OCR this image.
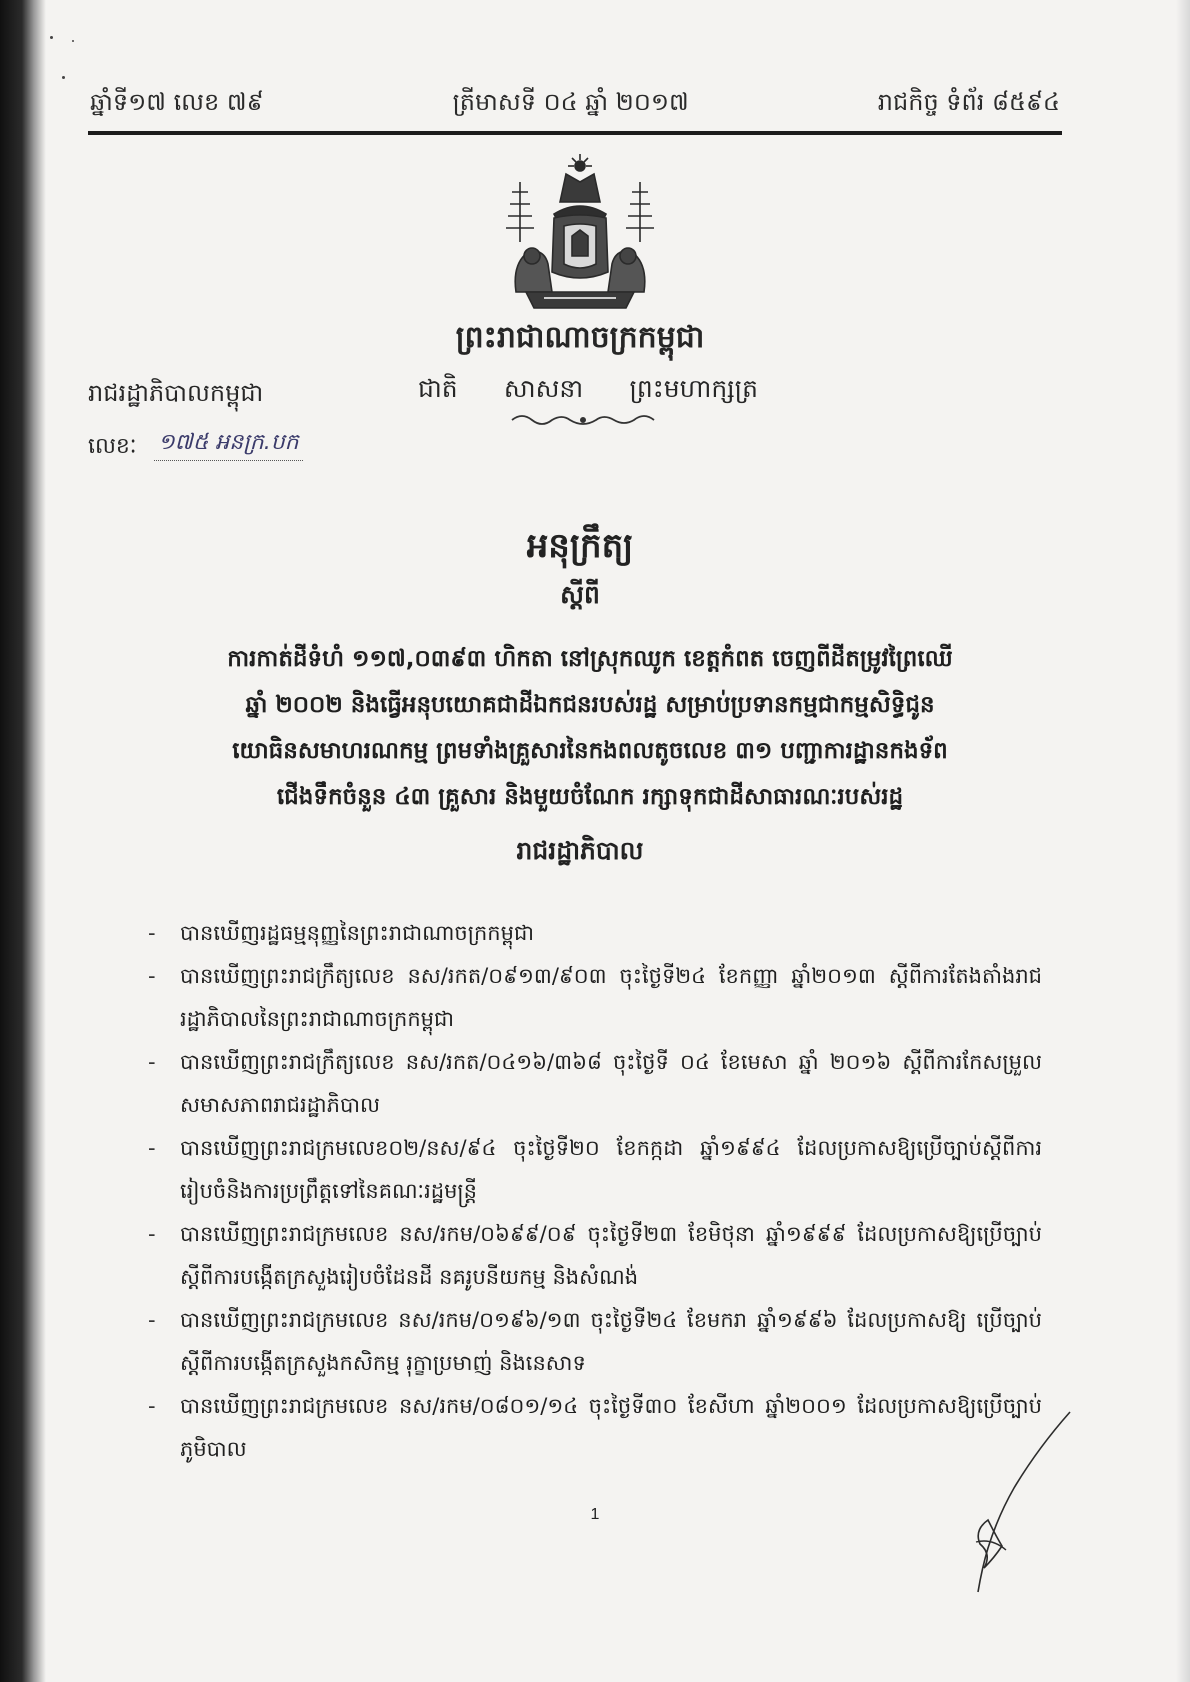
ឆ្នាំទី១៧ លេខ ៧៩	ត្រីមាសទី ០៤ ឆ្នាំ ២០១៧	រាជកិច្ច ទំព័រ ៨៥៩៤
ព្រះរាជាណាចក្រកម្ពុជា
ជាតិ សាសនា ព្រះមហាក្សត្រ
រាជរដ្ឋាភិបាលកម្ពុជា
លេខៈ ១៧៥ អនក្រ.បក
អនុក្រឹត្យ
ស្ដីពី
ការកាត់ដីទំហំ ១១៧,០៣៩៣ ហិកតា នៅស្រុកឈូក ខេត្តកំពត ចេញពីដីតម្រូវព្រៃឈើ
ឆ្នាំ ២០០២ និងធ្វើអនុបយោគជាដីឯកជនរបស់រដ្ឋ សម្រាប់ប្រទានកម្មជាកម្មសិទ្ធិជូន
យោធិនសមាហរណកម្ម ព្រមទាំងគ្រួសារនៃកងពលតូចលេខ ៣១ បញ្ជាការដ្ឋានកងទ័ព
ជើងទឹកចំនួន ៤៣ គ្រួសារ និងមួយចំណែក រក្សាទុកជាដីសាធារណៈរបស់រដ្ឋ
រាជរដ្ឋាភិបាល
- បានឃើញរដ្ឋធម្មនុញ្ញនៃព្រះរាជាណាចក្រកម្ពុជា
- បានឃើញព្រះរាជក្រឹត្យលេខ នស/រកត/០៩១៣/៩០៣ ចុះថ្ងៃទី២៤ ខែកញ្ញា ឆ្នាំ២០១៣ ស្ដីពីការតែងតាំងរាជរដ្ឋាភិបាលនៃព្រះរាជាណាចក្រកម្ពុជា
- បានឃើញព្រះរាជក្រឹត្យលេខ នស/រកត/០៤១៦/៣៦៨ ចុះថ្ងៃទី ០៤ ខែមេសា ឆ្នាំ ២០១៦ ស្ដីពីការកែសម្រួលសមាសភាពរាជរដ្ឋាភិបាល
- បានឃើញព្រះរាជក្រមលេខ០២/នស/៩៤ ចុះថ្ងៃទី២០ ខែកក្កដា ឆ្នាំ១៩៩៤ ដែលប្រកាសឱ្យប្រើច្បាប់ស្ដីពីការរៀបចំនិងការប្រព្រឹត្តទៅនៃគណៈរដ្ឋមន្ត្រី
- បានឃើញព្រះរាជក្រមលេខ នស/រកម/០៦៩៩/០៩ ចុះថ្ងៃទី២៣ ខែមិថុនា ឆ្នាំ១៩៩៩ ដែលប្រកាសឱ្យប្រើច្បាប់ស្ដីពីការបង្កើតក្រសួងរៀបចំដែនដី នគរូបនីយកម្ម និងសំណង់
- បានឃើញព្រះរាជក្រមលេខ នស/រកម/០១៩៦/១៣ ចុះថ្ងៃទី២៤ ខែមករា ឆ្នាំ១៩៩៦ ដែលប្រកាសឱ្យ ប្រើច្បាប់ ស្ដីពីការបង្កើតក្រសួងកសិកម្ម រុក្ខាប្រមាញ់ និងនេសាទ
- បានឃើញព្រះរាជក្រមលេខ នស/រកម/០៨០១/១៤ ចុះថ្ងៃទី៣០ ខែសីហា ឆ្នាំ២០០១ ដែលប្រកាសឱ្យប្រើច្បាប់ភូមិបាល
1
